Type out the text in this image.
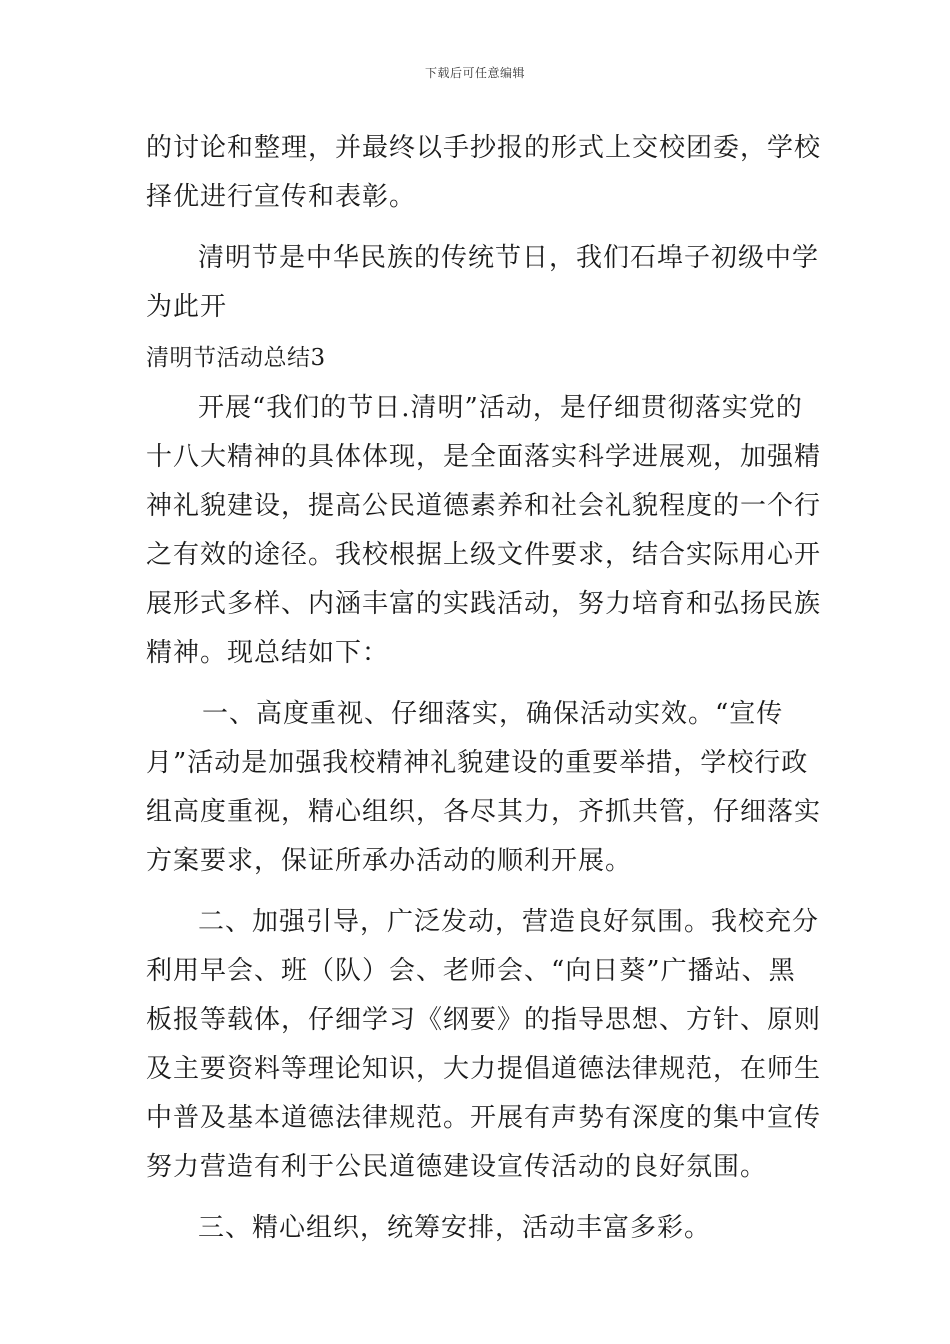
下载后可任意编辑

的讨论和整理，并最终以手抄报的形式上交校团委，学校

择优进行宣传和表彰。

清明节是中华民族的传统节日，我们石埠子初级中学

为此开

清明节活动总结3

开展“我们的节日.清明”活动，是仔细贯彻落实党的

十八大精神的具体体现，是全面落实科学进展观，加强精

神礼貌建设，提高公民道德素养和社会礼貌程度的一个行

之有效的途径。我校根据上级文件要求，结合实际用心开

展形式多样、内涵丰富的实践活动，努力培育和弘扬民族

精神。现总结如下：

一、高度重视、仔细落实，确保活动实效。“宣传

月”活动是加强我校精神礼貌建设的重要举措，学校行政

组高度重视，精心组织，各尽其力，齐抓共管，仔细落实

方案要求，保证所承办活动的顺利开展。

二、加强引导，广泛发动，营造良好氛围。我校充分

利用早会、班（队）会、老师会、“向日葵”广播站、黑

板报等载体，仔细学习《纲要》的指导思想、方针、原则

及主要资料等理论知识，大力提倡道德法律规范，在师生

中普及基本道德法律规范。开展有声势有深度的集中宣传

努力营造有利于公民道德建设宣传活动的良好氛围。

三、精心组织，统筹安排，活动丰富多彩。
